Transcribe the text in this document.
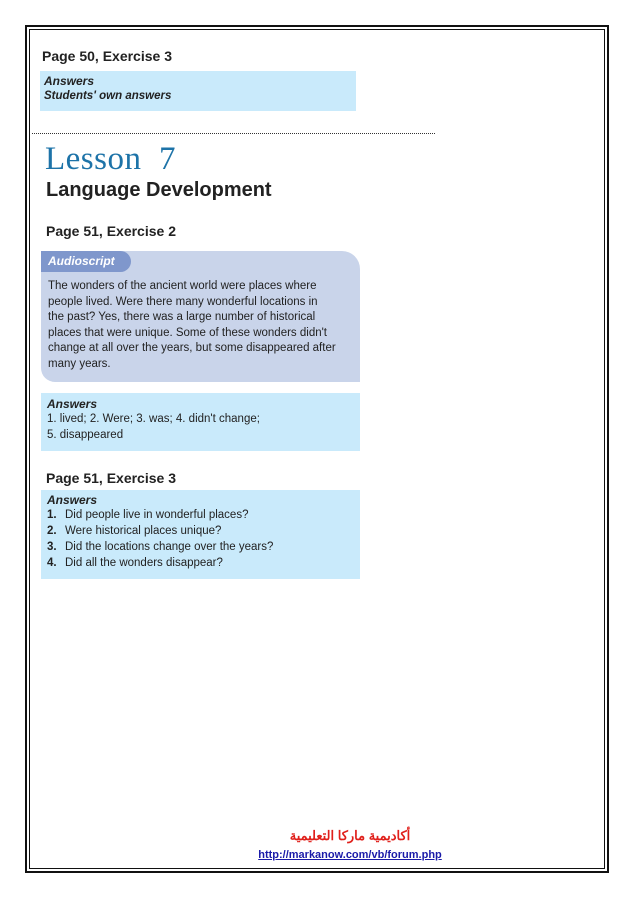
Page 50, Exercise 3
Answers
Students' own answers
Lesson  7
Language Development
Page 51, Exercise 2
Audioscript
The wonders of the ancient world were places where
people lived. Were there many wonderful locations in
the past? Yes, there was a large number of historical
places that were unique. Some of these wonders didn't
change at all over the years, but some disappeared after
many years.
Answers
1. lived; 2. Were; 3. was; 4. didn't change;
5. disappeared
Page 51, Exercise 3
Answers
1. Did people live in wonderful places?
2. Were historical places unique?
3. Did the locations change over the years?
4. Did all the wonders disappear?
أكاديمية ماركا التعليمية
http://markanow.com/vb/forum.php
